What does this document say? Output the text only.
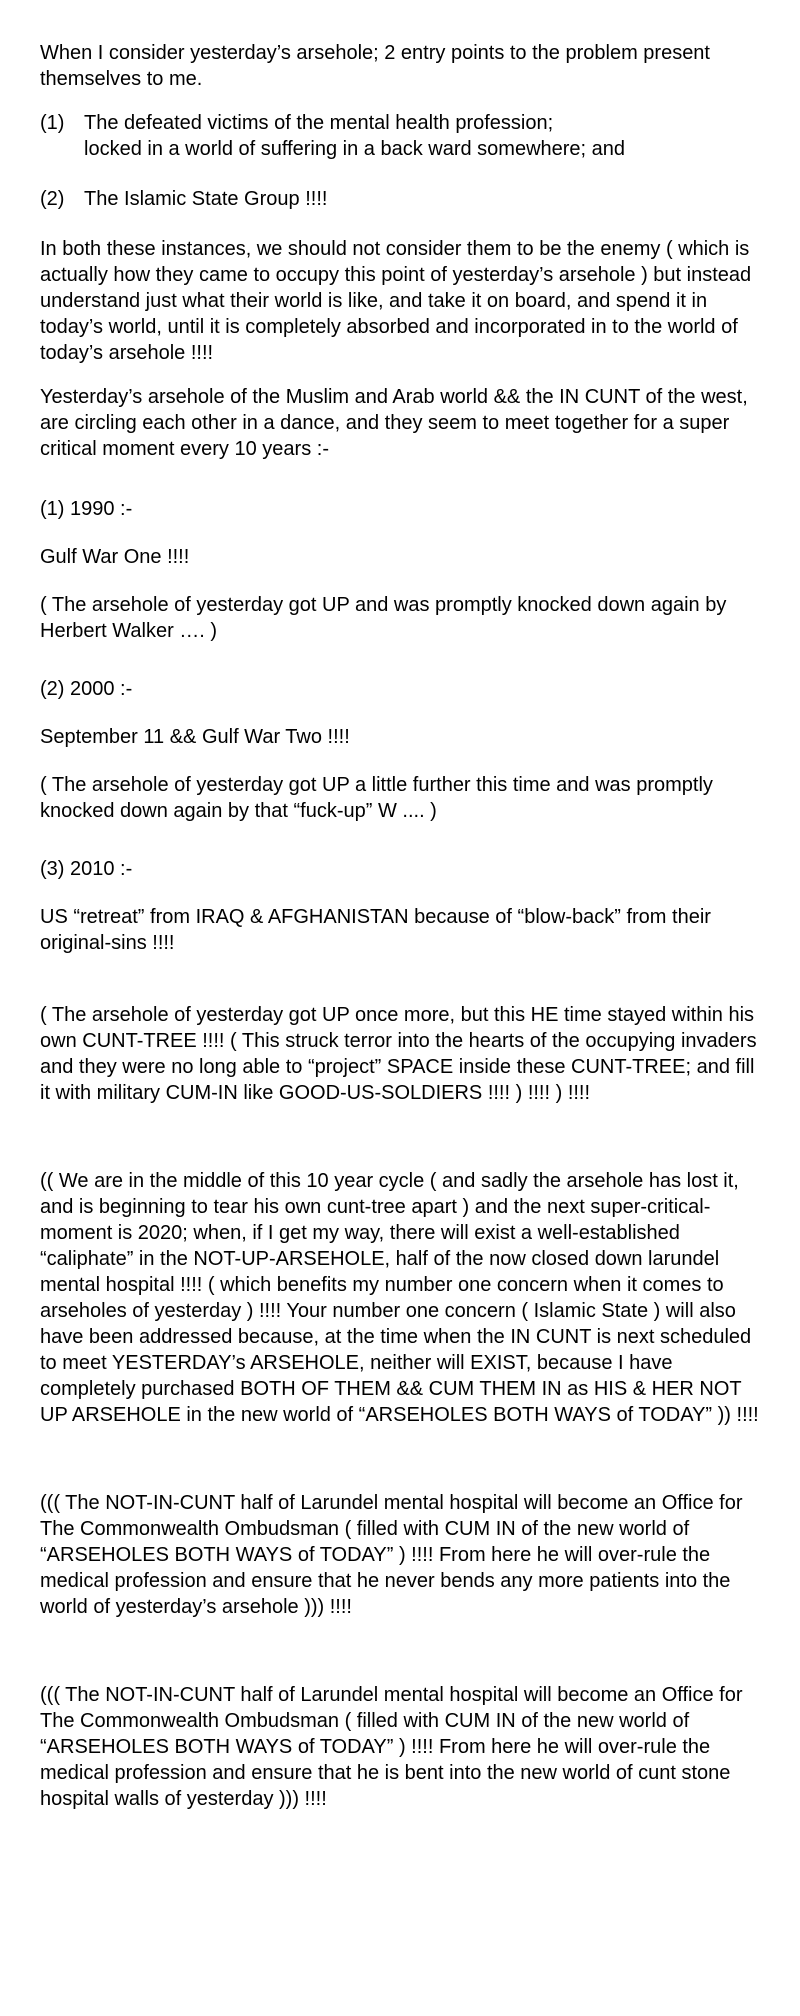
When I consider yesterday’s arsehole; 2 entry points to the problem present themselves to me.

(1) The defeated victims of the mental health profession;
locked in a world of suffering in a back ward somewhere; and
(2) The Islamic State Group !!!!

In both these instances, we should not consider them to be the enemy ( which is actually how they came to occupy this point of yesterday’s arsehole ) but instead understand just what their world is like, and take it on board, and spend it in today’s world, until it is completely absorbed and incorporated in to the world of today’s arsehole !!!!

Yesterday’s arsehole of the Muslim and Arab world && the IN CUNT of the west, are circling each other in a dance, and they seem to meet together for a super critical moment every 10 years :-

(1) 1990 :-

Gulf War One !!!!

( The arsehole of yesterday got UP and was promptly knocked down again by Herbert Walker …. )

(2) 2000 :-

September 11 && Gulf War Two !!!!

( The arsehole of yesterday got UP a little further this time and was promptly knocked down again by that “fuck-up” W .... )

(3) 2010 :-

US “retreat” from IRAQ & AFGHANISTAN because of “blow-back” from their original-sins !!!!

( The arsehole of yesterday got UP once more, but this HE time stayed within his own CUNT-TREE !!!! ( This struck terror into the hearts of the occupying invaders and they were no long able to “project” SPACE inside these CUNT-TREE; and fill it with military CUM-IN like GOOD-US-SOLDIERS !!!! ) !!!! ) !!!!

(( We are in the middle of this 10 year cycle ( and sadly the arsehole has lost it, and is beginning to tear his own cunt-tree apart ) and the next super-critical-moment is 2020; when, if I get my way, there will exist a well-established “caliphate” in the NOT-UP-ARSEHOLE, half of the now closed down larundel mental hospital !!!! ( which benefits my number one concern when it comes to arseholes of yesterday ) !!!! Your number one concern ( Islamic State ) will also have been addressed because, at the time when the IN CUNT is next scheduled to meet YESTERDAY’s ARSEHOLE, neither will EXIST, because I have completely purchased BOTH OF THEM && CUM THEM IN as HIS & HER NOT UP ARSEHOLE in the new world of “ARSEHOLES BOTH WAYS of TODAY” )) !!!!

((( The NOT-IN-CUNT half of Larundel mental hospital will become an Office for The Commonwealth Ombudsman ( filled with CUM IN of the new world of “ARSEHOLES BOTH WAYS of TODAY” ) !!!! From here he will over-rule the medical profession and ensure that he never bends any more patients into the world of yesterday’s arsehole ))) !!!!

((( The NOT-IN-CUNT half of Larundel mental hospital will become an Office for The Commonwealth Ombudsman ( filled with CUM IN of the new world of “ARSEHOLES BOTH WAYS of TODAY” ) !!!! From here he will over-rule the medical profession and ensure that he is bent into the new world of cunt stone hospital walls of yesterday ))) !!!!
